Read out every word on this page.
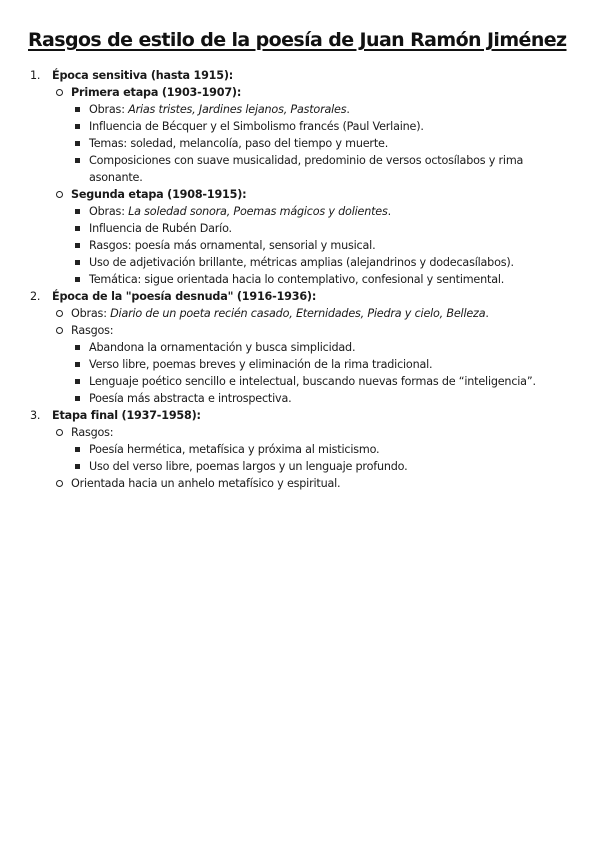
Rasgos de estilo de la poesía de Juan Ramón Jiménez
1. Época sensitiva (hasta 1915):
Primera etapa (1903-1907):
Obras: Arias tristes, Jardines lejanos, Pastorales.
Influencia de Bécquer y el Simbolismo francés (Paul Verlaine).
Temas: soledad, melancolía, paso del tiempo y muerte.
Composiciones con suave musicalidad, predominio de versos octosílabos y rima asonante.
Segunda etapa (1908-1915):
Obras: La soledad sonora, Poemas mágicos y dolientes.
Influencia de Rubén Darío.
Rasgos: poesía más ornamental, sensorial y musical.
Uso de adjetivación brillante, métricas amplias (alejandrinos y dodecasílabos).
Temática: sigue orientada hacia lo contemplativo, confesional y sentimental.
2. Época de la "poesía desnuda" (1916-1936):
Obras: Diario de un poeta recién casado, Eternidades, Piedra y cielo, Belleza.
Rasgos:
Abandona la ornamentación y busca simplicidad.
Verso libre, poemas breves y eliminación de la rima tradicional.
Lenguaje poético sencillo e intelectual, buscando nuevas formas de “inteligencia”.
Poesía más abstracta e introspectiva.
3. Etapa final (1937-1958):
Rasgos:
Poesía hermética, metafísica y próxima al misticismo.
Uso del verso libre, poemas largos y un lenguaje profundo.
Orientada hacia un anhelo metafísico y espiritual.
